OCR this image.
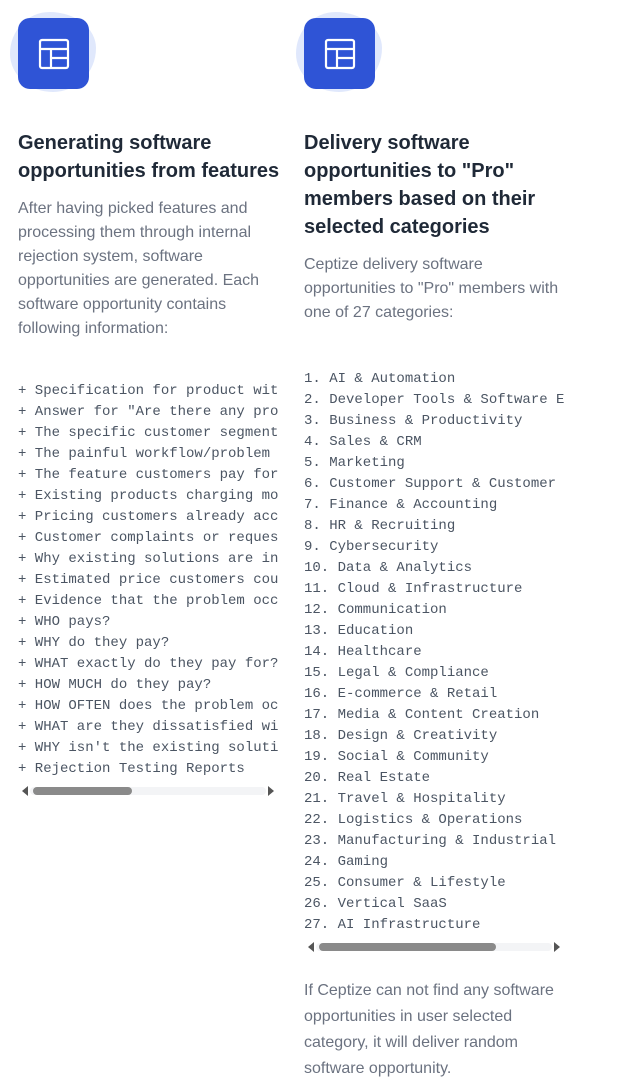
Generating software opportunities from features

After having picked features and processing them through internal rejection system, software opportunities are generated. Each software opportunity contains following information:

+ Specification for product wit
+ Answer for "Are there any pro
+ The specific customer segment
+ The painful workflow/problem
+ The feature customers pay for
+ Existing products charging mo
+ Pricing customers already acc
+ Customer complaints or reques
+ Why existing solutions are in
+ Estimated price customers cou
+ Evidence that the problem occ
+ WHO pays?
+ WHY do they pay?
+ WHAT exactly do they pay for?
+ HOW MUCH do they pay?
+ HOW OFTEN does the problem oc
+ WHAT are they dissatisfied wi
+ WHY isn't the existing soluti
+ Rejection Testing Reports
Delivery software opportunities to "Pro" members based on their selected categories

Ceptize delivery software opportunities to "Pro" members with one of 27 categories:

1. AI & Automation
2. Developer Tools & Software E
3. Business & Productivity
4. Sales & CRM
5. Marketing
6. Customer Support & Customer
7. Finance & Accounting
8. HR & Recruiting
9. Cybersecurity
10. Data & Analytics
11. Cloud & Infrastructure
12. Communication
13. Education
14. Healthcare
15. Legal & Compliance
16. E-commerce & Retail
17. Media & Content Creation
18. Design & Creativity
19. Social & Community
20. Real Estate
21. Travel & Hospitality
22. Logistics & Operations
23. Manufacturing & Industrial
24. Gaming
25. Consumer & Lifestyle
26. Vertical SaaS
27. AI Infrastructure

If Ceptize can not find any software opportunities in user selected category, it will deliver random software opportunity.
